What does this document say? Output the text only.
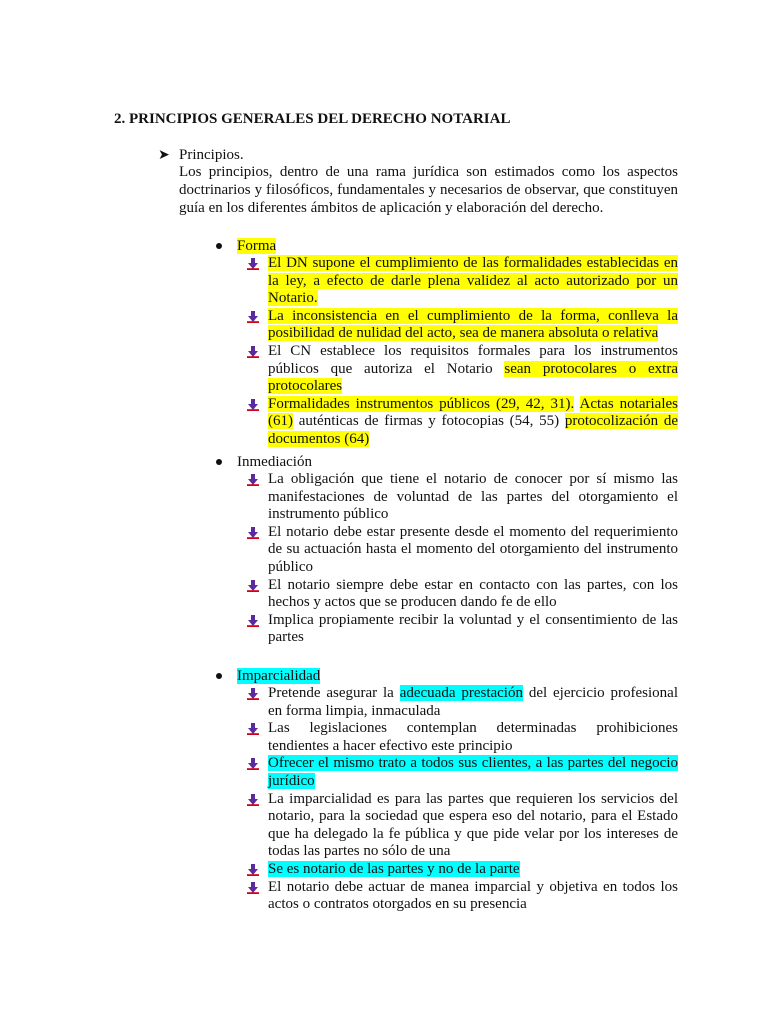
2. PRINCIPIOS GENERALES DEL DERECHO NOTARIAL
➤ Principios.

Los principios, dentro de una rama jurídica son estimados como los aspectos doctrinarios y filosóficos, fundamentales y necesarios de observar, que constituyen guía en los diferentes ámbitos de aplicación y elaboración del derecho.

Forma
El DN supone el cumplimiento de las formalidades establecidas en la ley, a efecto de darle plena validez al acto autorizado por un Notario.
La inconsistencia en el cumplimiento de la forma, conlleva la posibilidad de nulidad del acto, sea de manera absoluta o relativa
El CN establece los requisitos formales para los instrumentos públicos que autoriza el Notario sean protocolares o extra protocolares
Formalidades instrumentos públicos (29, 42, 31). Actas notariales (61) auténticas de firmas y fotocopias (54, 55) protocolización de documentos (64)
Inmediación
La obligación que tiene el notario de conocer por sí mismo las manifestaciones de voluntad de las partes del otorgamiento el instrumento público
El notario debe estar presente desde el momento del requerimiento de su actuación hasta el momento del otorgamiento del instrumento público
El notario siempre debe estar en contacto con las partes, con los hechos y actos que se producen dando fe de ello
Implica propiamente recibir la voluntad y el consentimiento de las partes
Imparcialidad
Pretende asegurar la adecuada prestación del ejercicio profesional en forma limpia, inmaculada
Las legislaciones contemplan determinadas prohibiciones tendientes a hacer efectivo este principio
Ofrecer el mismo trato a todos sus clientes, a las partes del negocio jurídico
La imparcialidad es para las partes que requieren los servicios del notario, para la sociedad que espera eso del notario, para el Estado que ha delegado la fe pública y que pide velar por los intereses de todas las partes no sólo de una
Se es notario de las partes y no de la parte
El notario debe actuar de manea imparcial y objetiva en todos los actos o contratos otorgados en su presencia
